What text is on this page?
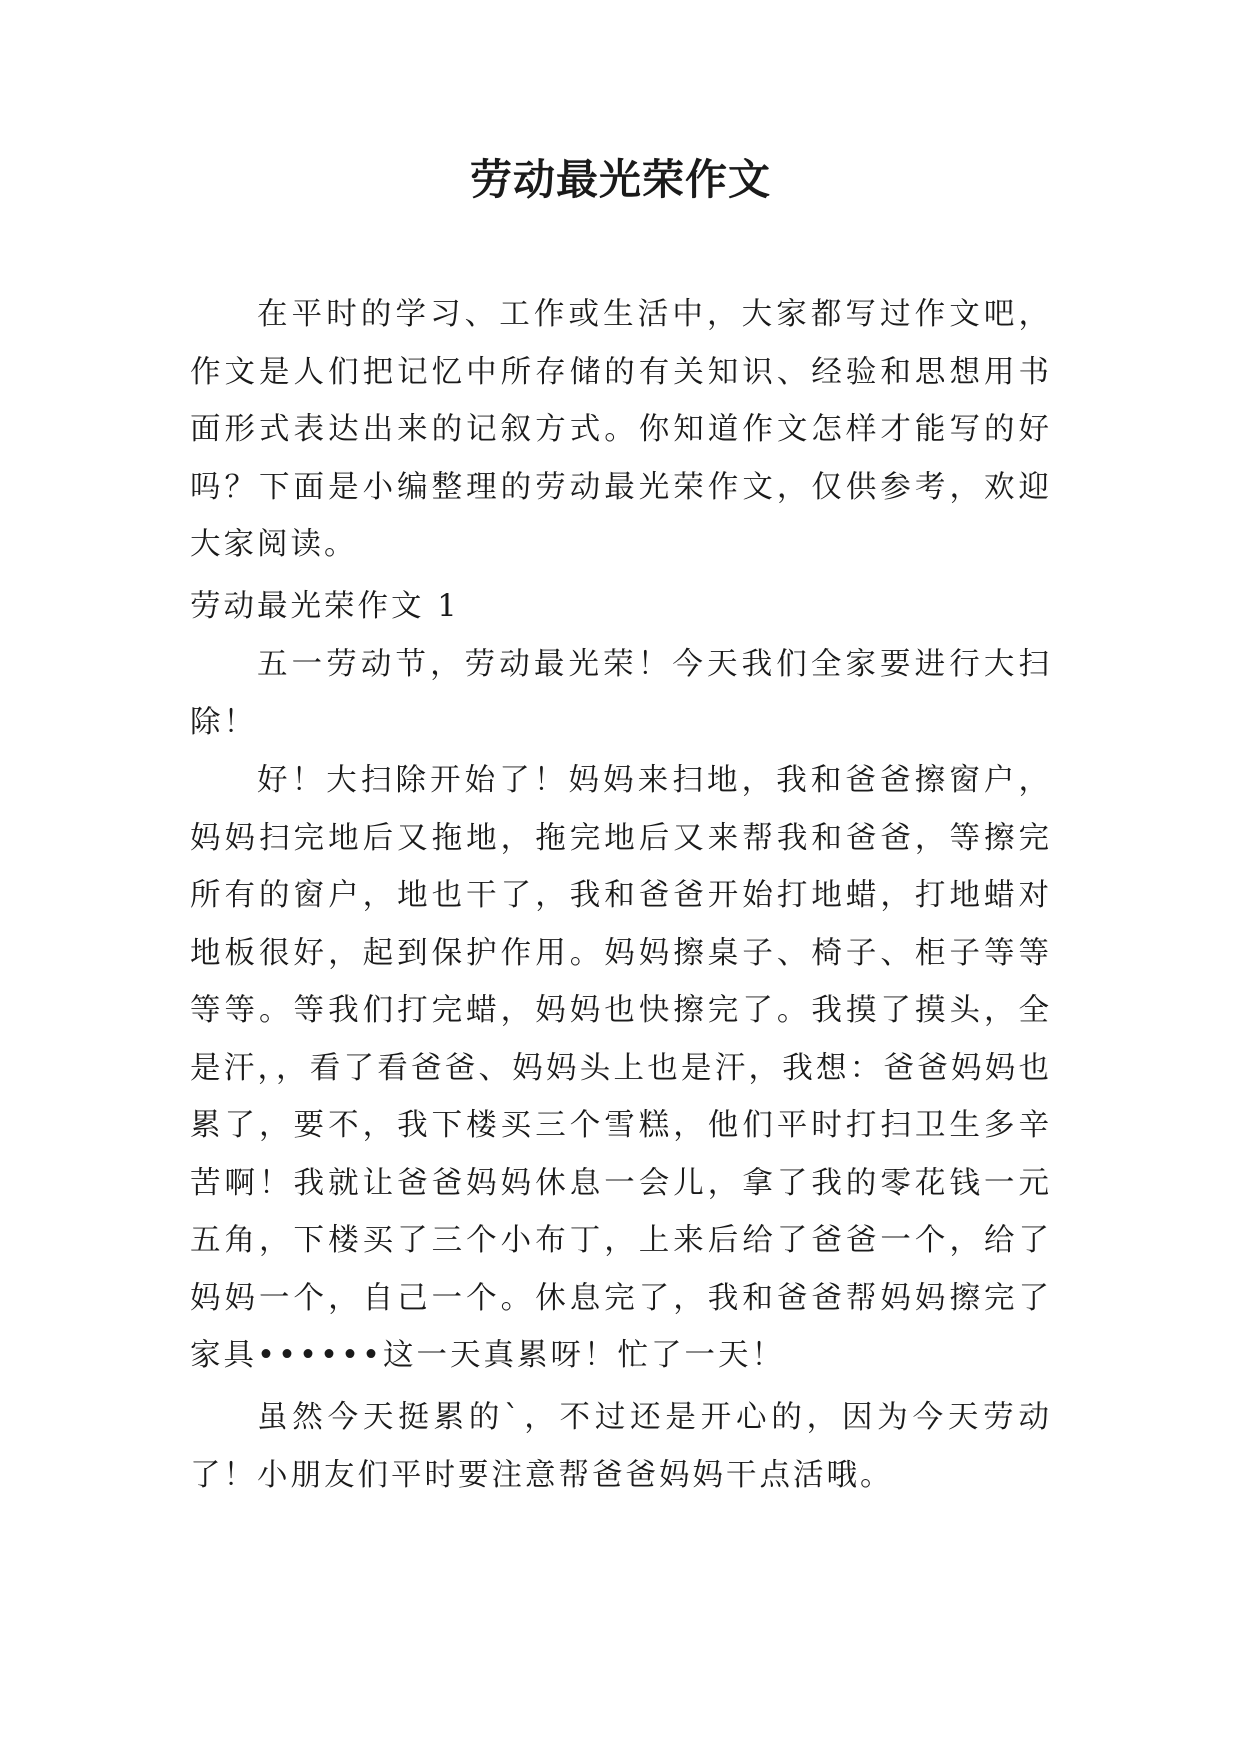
劳动最光荣作文

在平时的学习、工作或生活中，大家都写过作文吧，作文是人们把记忆中所存储的有关知识、经验和思想用书面形式表达出来的记叙方式。你知道作文怎样才能写的好吗？下面是小编整理的劳动最光荣作文，仅供参考，欢迎大家阅读。

劳动最光荣作文 1

五一劳动节，劳动最光荣！今天我们全家要进行大扫除！

好！大扫除开始了！妈妈来扫地，我和爸爸擦窗户，妈妈扫完地后又拖地，拖完地后又来帮我和爸爸，等擦完所有的窗户，地也干了，我和爸爸开始打地蜡，打地蜡对地板很好，起到保护作用。妈妈擦桌子、椅子、柜子等等等等。等我们打完蜡，妈妈也快擦完了。我摸了摸头，全是汗，，看了看爸爸、妈妈头上也是汗，我想：爸爸妈妈也累了，要不，我下楼买三个雪糕，他们平时打扫卫生多辛苦啊！我就让爸爸妈妈休息一会儿，拿了我的零花钱一元五角，下楼买了三个小布丁，上来后给了爸爸一个，给了妈妈一个，自己一个。休息完了，我和爸爸帮妈妈擦完了家具••••••这一天真累呀！忙了一天！

虽然今天挺累的`，不过还是开心的，因为今天劳动了！小朋友们平时要注意帮爸爸妈妈干点活哦。
